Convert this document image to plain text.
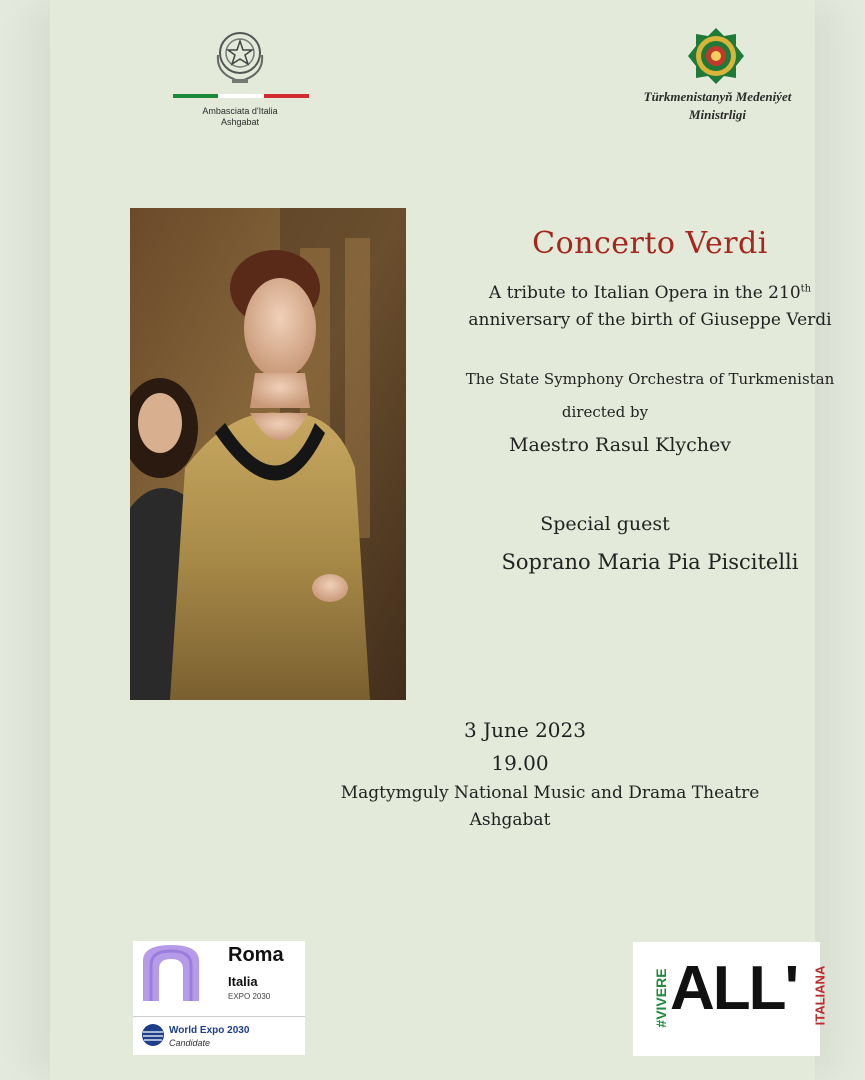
Ambasciata d'Italia
Ashgabat
Türkmenistanyň Medeniýet
Ministrligi
Concerto Verdi
A tribute to Italian Opera in the 210th
anniversary of the birth of Giuseppe Verdi
The State Symphony Orchestra of Turkmenistan
directed by
Maestro Rasul Klychev
Special guest
Soprano Maria Pia Piscitelli
3 June 2023
19.00
Magtymguly National Music and Drama Theatre
Ashgabat
Roma
Italia
EXPO 2030
World Expo 2030
Candidate
#VIVERE ALL' ITALIANA
